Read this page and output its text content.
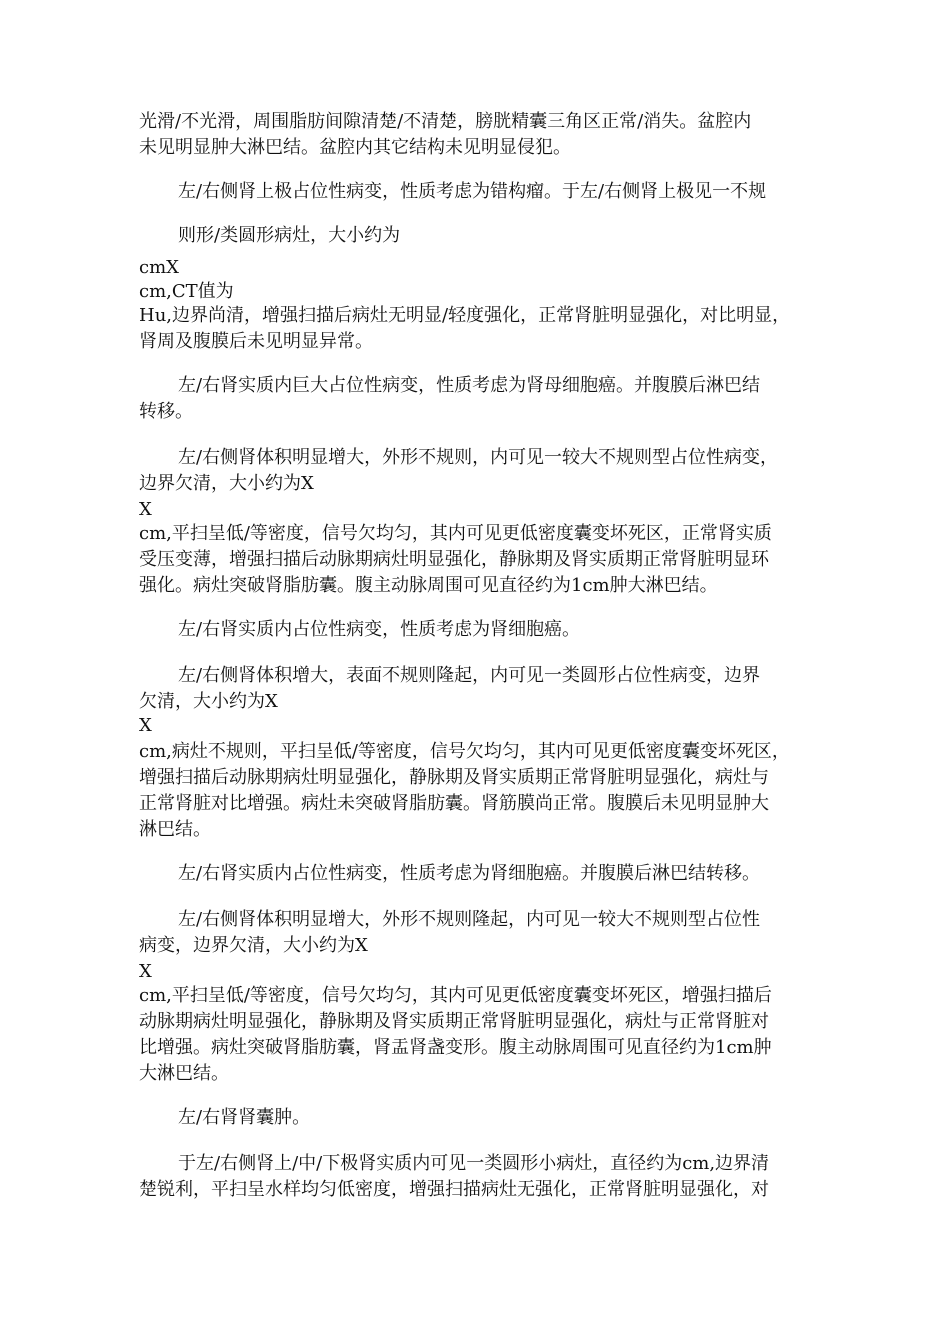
光滑/不光滑，周围脂肪间隙清楚/不清楚，膀胱精囊三角区正常/消失。盆腔内
未见明显肿大淋巴结。盆腔内其它结构未见明显侵犯。
左/右侧肾上极占位性病变，性质考虑为错构瘤。于左/右侧肾上极见一不规
则形/类圆形病灶，大小约为
cmX
cm,CT值为
Hu,边界尚清，增强扫描后病灶无明显/轻度强化，正常肾脏明显强化，对比明显，
肾周及腹膜后未见明显异常。
左/右肾实质内巨大占位性病变，性质考虑为肾母细胞癌。并腹膜后淋巴结
转移。
左/右侧肾体积明显增大，外形不规则，内可见一较大不规则型占位性病变，
边界欠清，大小约为X
X
cm,平扫呈低/等密度，信号欠均匀，其内可见更低密度囊变坏死区，正常肾实质
受压变薄，增强扫描后动脉期病灶明显强化，静脉期及肾实质期正常肾脏明显环
强化。病灶突破肾脂肪囊。腹主动脉周围可见直径约为1cm肿大淋巴结。
左/右肾实质内占位性病变，性质考虑为肾细胞癌。
左/右侧肾体积增大，表面不规则隆起，内可见一类圆形占位性病变，边界
欠清，大小约为X
X
cm,病灶不规则，平扫呈低/等密度，信号欠均匀，其内可见更低密度囊变坏死区，
增强扫描后动脉期病灶明显强化，静脉期及肾实质期正常肾脏明显强化，病灶与
正常肾脏对比增强。病灶未突破肾脂肪囊。肾筋膜尚正常。腹膜后未见明显肿大
淋巴结。
左/右肾实质内占位性病变，性质考虑为肾细胞癌。并腹膜后淋巴结转移。
左/右侧肾体积明显增大，外形不规则隆起，内可见一较大不规则型占位性
病变，边界欠清，大小约为X
X
cm,平扫呈低/等密度，信号欠均匀，其内可见更低密度囊变坏死区，增强扫描后
动脉期病灶明显强化，静脉期及肾实质期正常肾脏明显强化，病灶与正常肾脏对
比增强。病灶突破肾脂肪囊，肾盂肾盏变形。腹主动脉周围可见直径约为1cm肿
大淋巴结。
左/右肾肾囊肿。
于左/右侧肾上/中/下极肾实质内可见一类圆形小病灶，直径约为cm,边界清
楚锐利，平扫呈水样均匀低密度，增强扫描病灶无强化，正常肾脏明显强化，对
